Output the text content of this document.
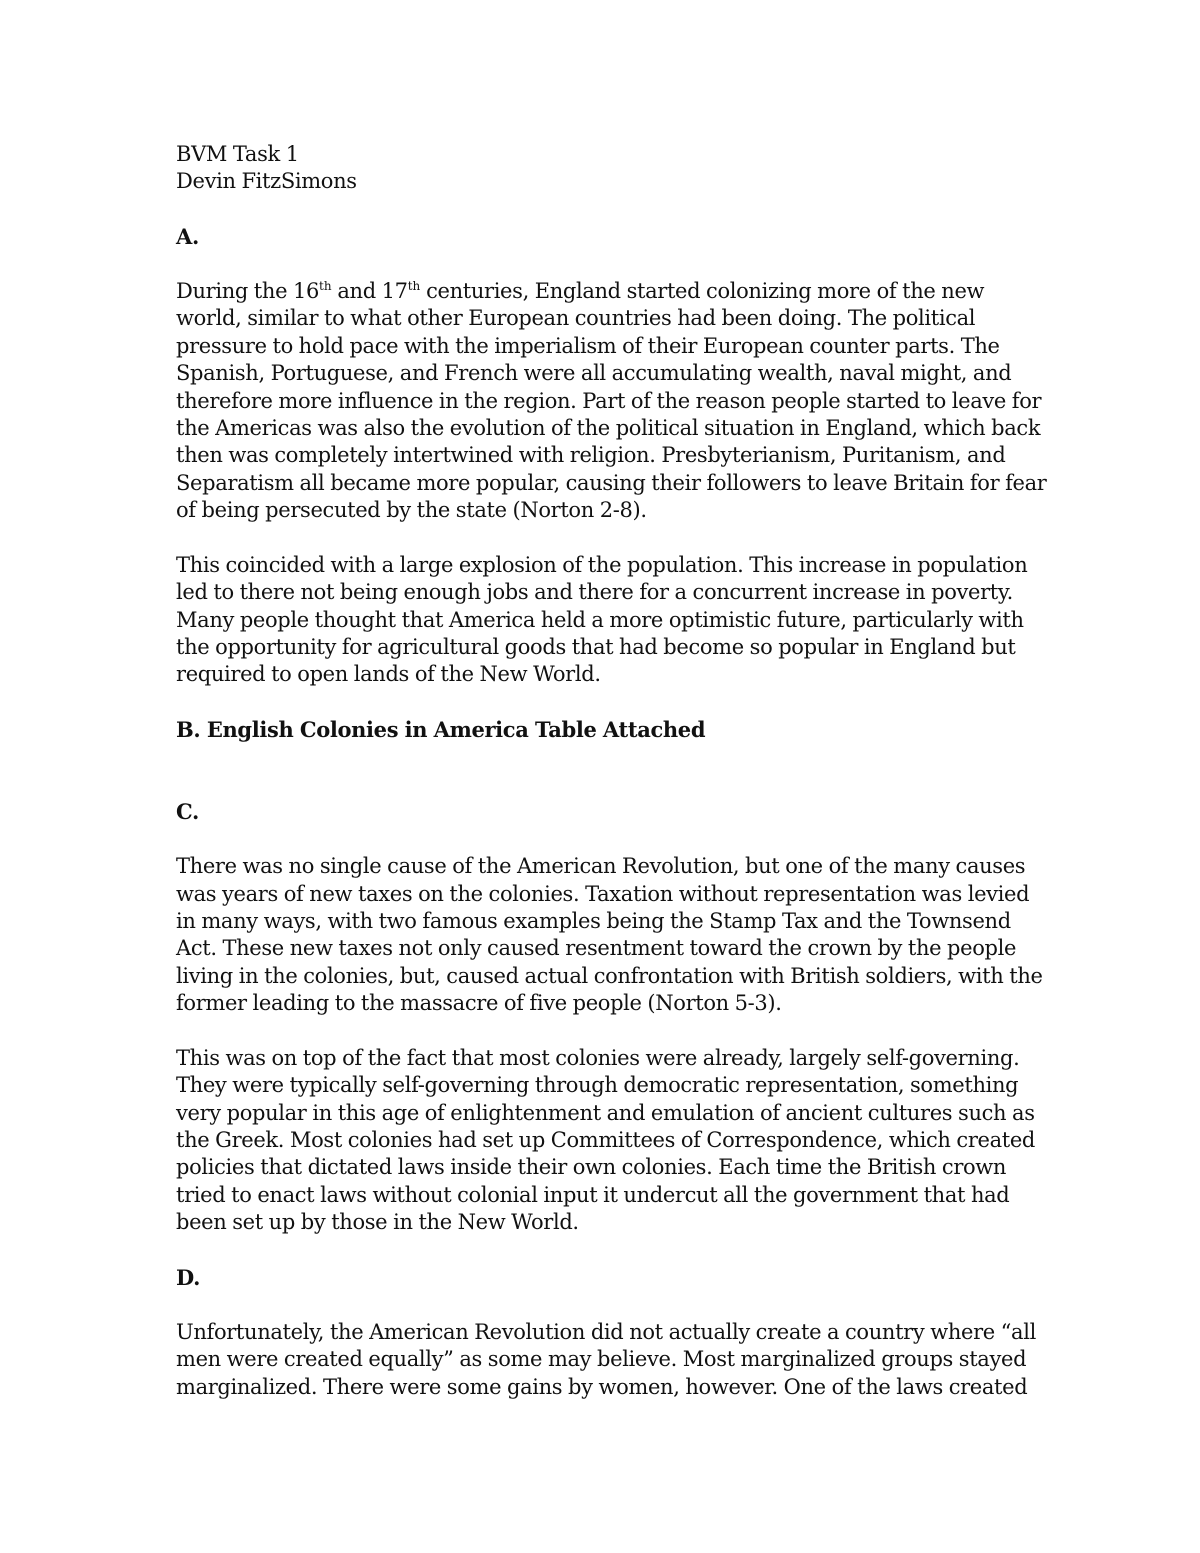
BVM Task 1
Devin FitzSimons
A.
During the 16th and 17th centuries, England started colonizing more of the new
world, similar to what other European countries had been doing. The political
pressure to hold pace with the imperialism of their European counter parts. The
Spanish, Portuguese, and French were all accumulating wealth, naval might, and
therefore more influence in the region. Part of the reason people started to leave for
the Americas was also the evolution of the political situation in England, which back
then was completely intertwined with religion. Presbyterianism, Puritanism, and
Separatism all became more popular, causing their followers to leave Britain for fear
of being persecuted by the state (Norton 2-8).
This coincided with a large explosion of the population. This increase in population
led to there not being enough jobs and there for a concurrent increase in poverty.
Many people thought that America held a more optimistic future, particularly with
the opportunity for agricultural goods that had become so popular in England but
required to open lands of the New World.
B. English Colonies in America Table Attached
C.
There was no single cause of the American Revolution, but one of the many causes
was years of new taxes on the colonies. Taxation without representation was levied
in many ways, with two famous examples being the Stamp Tax and the Townsend
Act. These new taxes not only caused resentment toward the crown by the people
living in the colonies, but, caused actual confrontation with British soldiers, with the
former leading to the massacre of five people (Norton 5-3).
This was on top of the fact that most colonies were already, largely self-governing.
They were typically self-governing through democratic representation, something
very popular in this age of enlightenment and emulation of ancient cultures such as
the Greek. Most colonies had set up Committees of Correspondence, which created
policies that dictated laws inside their own colonies. Each time the British crown
tried to enact laws without colonial input it undercut all the government that had
been set up by those in the New World.
D.
Unfortunately, the American Revolution did not actually create a country where “all
men were created equally” as some may believe. Most marginalized groups stayed
marginalized. There were some gains by women, however. One of the laws created
